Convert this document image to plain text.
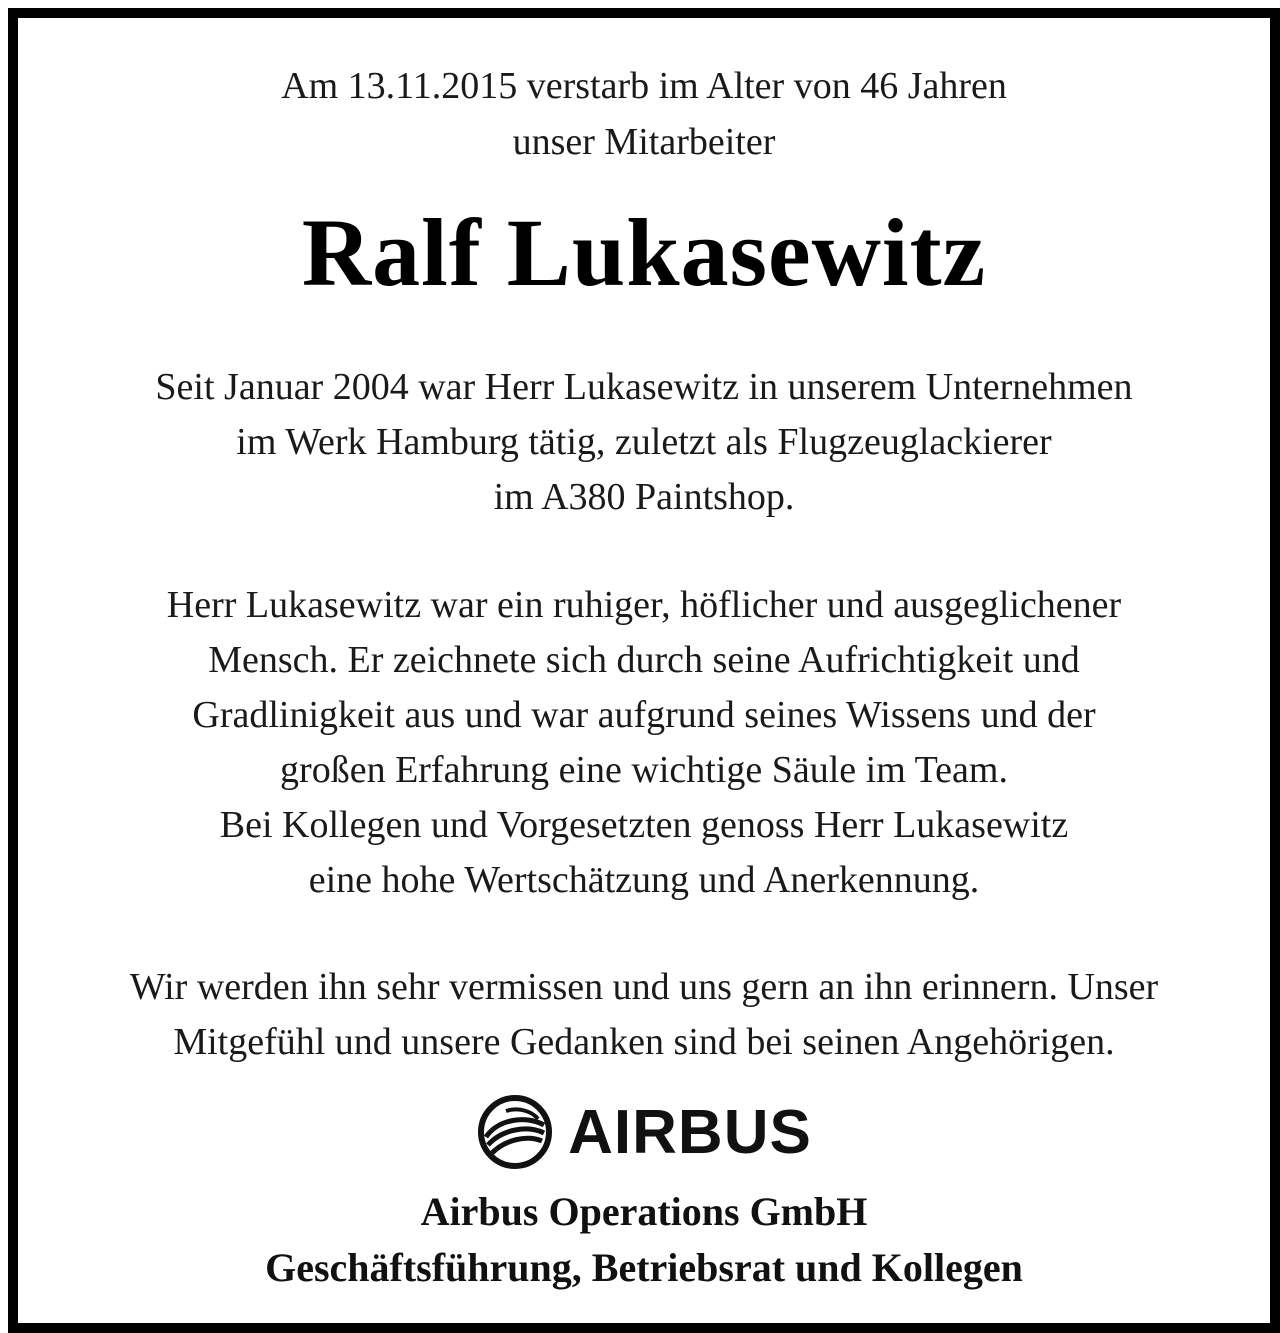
Am 13.11.2015 verstarb im Alter von 46 Jahren
unser Mitarbeiter
Ralf Lukasewitz
Seit Januar 2004 war Herr Lukasewitz in unserem Unternehmen
im Werk Hamburg tätig, zuletzt als Flugzeuglackierer
im A380 Paintshop.
Herr Lukasewitz war ein ruhiger, höflicher und ausgeglichener
Mensch. Er zeichnete sich durch seine Aufrichtigkeit und
Gradlinigkeit aus und war aufgrund seines Wissens und der
großen Erfahrung eine wichtige Säule im Team.
Bei Kollegen und Vorgesetzten genoss Herr Lukasewitz
eine hohe Wertschätzung und Anerkennung.
Wir werden ihn sehr vermissen und uns gern an ihn erinnern. Unser
Mitgefühl und unsere Gedanken sind bei seinen Angehörigen.
AIRBUS
Airbus Operations GmbH
Geschäftsführung, Betriebsrat und Kollegen
